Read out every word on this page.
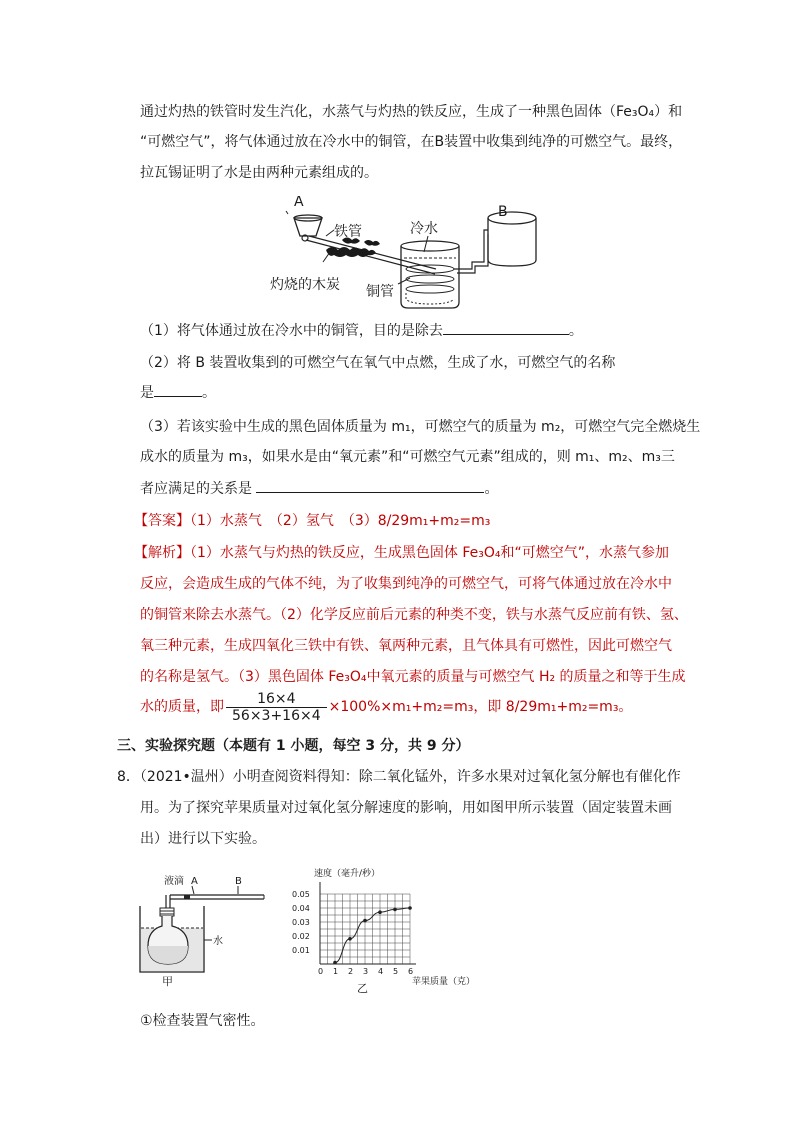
通过灼热的铁管时发生汽化，水蒸气与灼热的铁反应，生成了一种黑色固体（Fe₃O₄）和
“可燃空气”，将气体通过放在冷水中的铜管，在B装置中收集到纯净的可燃空气。最终，
拉瓦锡证明了水是由两种元素组成的。
A
B
铁管	冷水
灼烧的木炭 铜管
（1）将气体通过放在冷水中的铜管，目的是除去	。
（2）将 B 装置收集到的可燃空气在氧气中点燃，生成了水，可燃空气的名称
是	。
（3）若该实验中生成的黑色固体质量为 m₁，可燃空气的质量为 m₂，可燃空气完全燃烧生
成水的质量为 m₃，如果水是由“氧元素”和“可燃空气元素”组成的，则 m₁、m₂、m₃三
者应满足的关系是	。
【答案】（1）水蒸气　（2）氢气　（3）8/29m₁+m₂=m₃
【解析】（1）水蒸气与灼热的铁反应，生成黑色固体 Fe₃O₄和“可燃空气”，水蒸气参加
反应，会造成生成的气体不纯，为了收集到纯净的可燃空气，可将气体通过放在冷水中
的铜管来除去水蒸气。（2）化学反应前后元素的种类不变，铁与水蒸气反应前有铁、氢、
氧三种元素，生成四氧化三铁中有铁、氧两种元素，且气体具有可燃性，因此可燃空气
的名称是氢气。（3）黑色固体 Fe₃O₄中氧元素的质量与可燃空气 H₂ 的质量之和等于生成
水的质量，即 $\frac{16\times 4}{56\times 3+16\times 4} \times 100\%\times m_1+m_2=m_3$，即 8/29m₁+m₂=m₃。
三、实验探究题（本题有 1 小题，每空 3 分，共 9 分）
8．（2021•温州）小明查阅资料得知：除二氧化锰外，许多水果对过氧化氢分解也有催化作
用。为了探究苹果质量对过氧化氢分解速度的影响，用如图甲所示装置（固定装置未画
出）进行以下实验。
液滴 A	B
水
甲
速度（毫升/秒）
苹果质量（克）
乙
0 1 2 3 4 5 6
0.01
0.02
0.03
0.04
0.05
①检查装置气密性。
